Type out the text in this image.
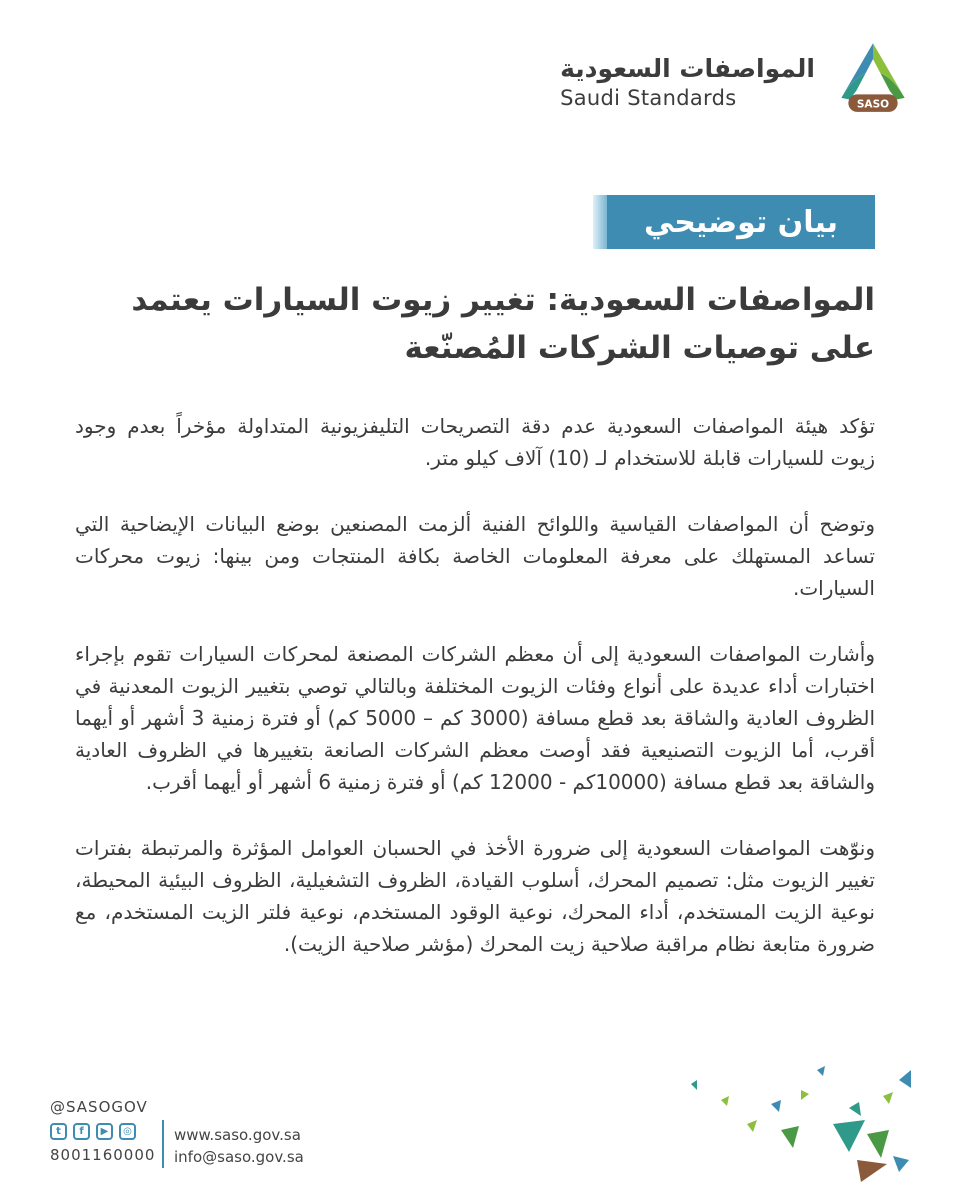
المواصفات السعودية
Saudi Standards	SASO
بيان توضيحي
المواصفات السعودية: تغيير زيوت السيارات يعتمد على توصيات الشركات المُصنّعة

تؤكد هيئة المواصفات السعودية عدم دقة التصريحات التليفزيونية المتداولة مؤخراً بعدم وجود زيوت للسيارات قابلة للاستخدام لـ (10) آلاف كيلو متر.

وتوضح أن المواصفات القياسية واللوائح الفنية ألزمت المصنعين بوضع البيانات الإيضاحية التي تساعد المستهلك على معرفة المعلومات الخاصة بكافة المنتجات ومن بينها: زيوت محركات السيارات.

وأشارت المواصفات السعودية إلى أن معظم الشركات المصنعة لمحركات السيارات تقوم بإجراء اختبارات أداء عديدة على أنواع وفئات الزيوت المختلفة وبالتالي توصي بتغيير الزيوت المعدنية في الظروف العادية والشاقة بعد قطع مسافة (3000 كم – 5000 كم) أو فترة زمنية 3 أشهر أو أيهما أقرب، أما الزيوت التصنيعية فقد أوصت معظم الشركات الصانعة بتغييرها في الظروف العادية والشاقة بعد قطع مسافة (10000كم - 12000 كم) أو فترة زمنية 6 أشهر أو أيهما أقرب.

ونوّهت المواصفات السعودية إلى ضرورة الأخذ في الحسبان العوامل المؤثرة والمرتبطة بفترات تغيير الزيوت مثل: تصميم المحرك، أسلوب القيادة، الظروف التشغيلية، الظروف البيئية المحيطة، نوعية الزيت المستخدم، أداء المحرك، نوعية الوقود المستخدم، نوعية فلتر الزيت المستخدم، مع ضرورة متابعة نظام مراقبة صلاحية زيت المحرك (مؤشر صلاحية الزيت).

@SASOGOV
t	f	▶	◎
8001160000
www.saso.gov.sa
info@saso.gov.sa
